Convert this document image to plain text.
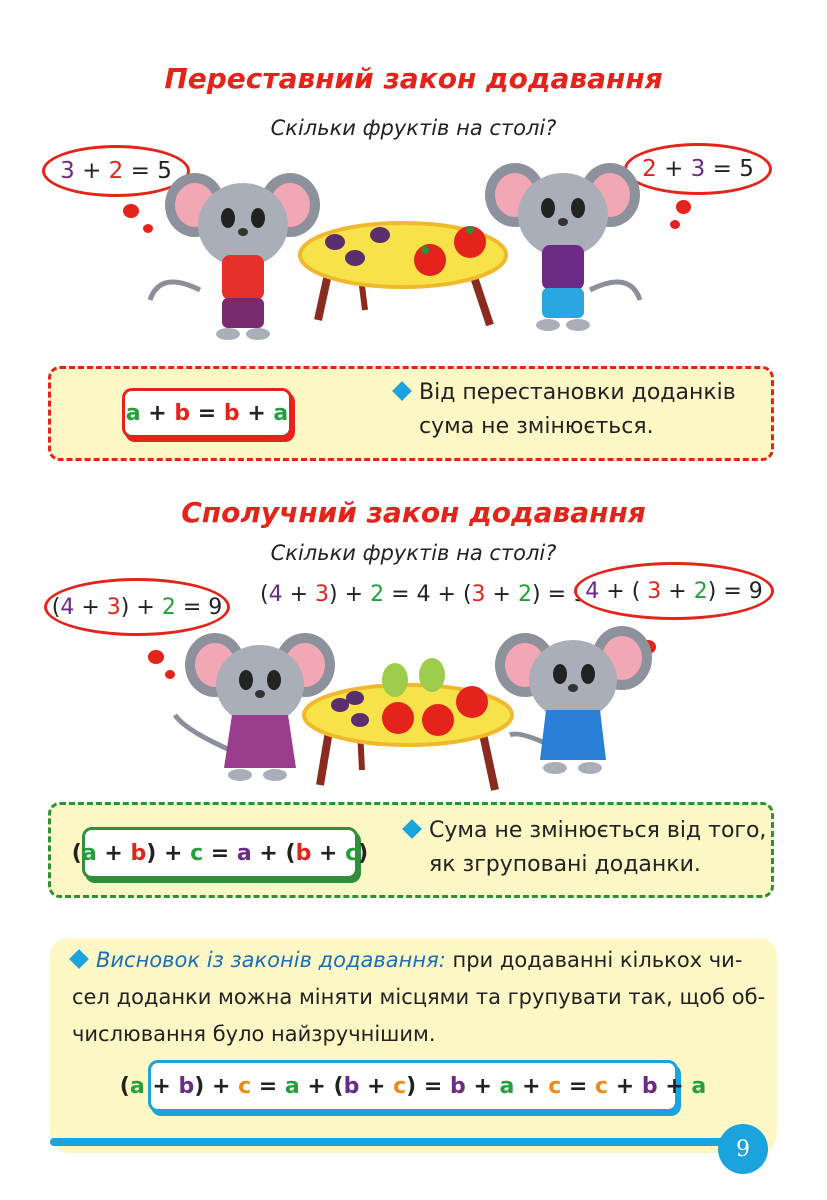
Переставний закон додавання
Скільки фруктів на столі?
3
+
2
=
5	2
+
3
=
5
a
+
b
=
b
+
a
Від перестановки доданків
сума не змінюється.
Сполучний закон додавання
Скільки фруктів на столі?
(4 + 3) + 2 = 4 + (3 + 2) =
( 4
+
3 )
+
2
=
9
4
+
(
3
+
2 )
=
9
( a
+
b )
+
c
=
a
+
( b
+
c )
Сума не змінюється від того,
як згруповані доданки.
Висновок із законів додавання: при додаванні кількох чи-
сел доданки можна міняти місцями та групувати так, щоб об-
числювання було найзручнішим.
( a
+
b )
+
c
=
a
+
( b
+
c )
=
b
+
a
+
c
=
c
+
b
+
a
9
